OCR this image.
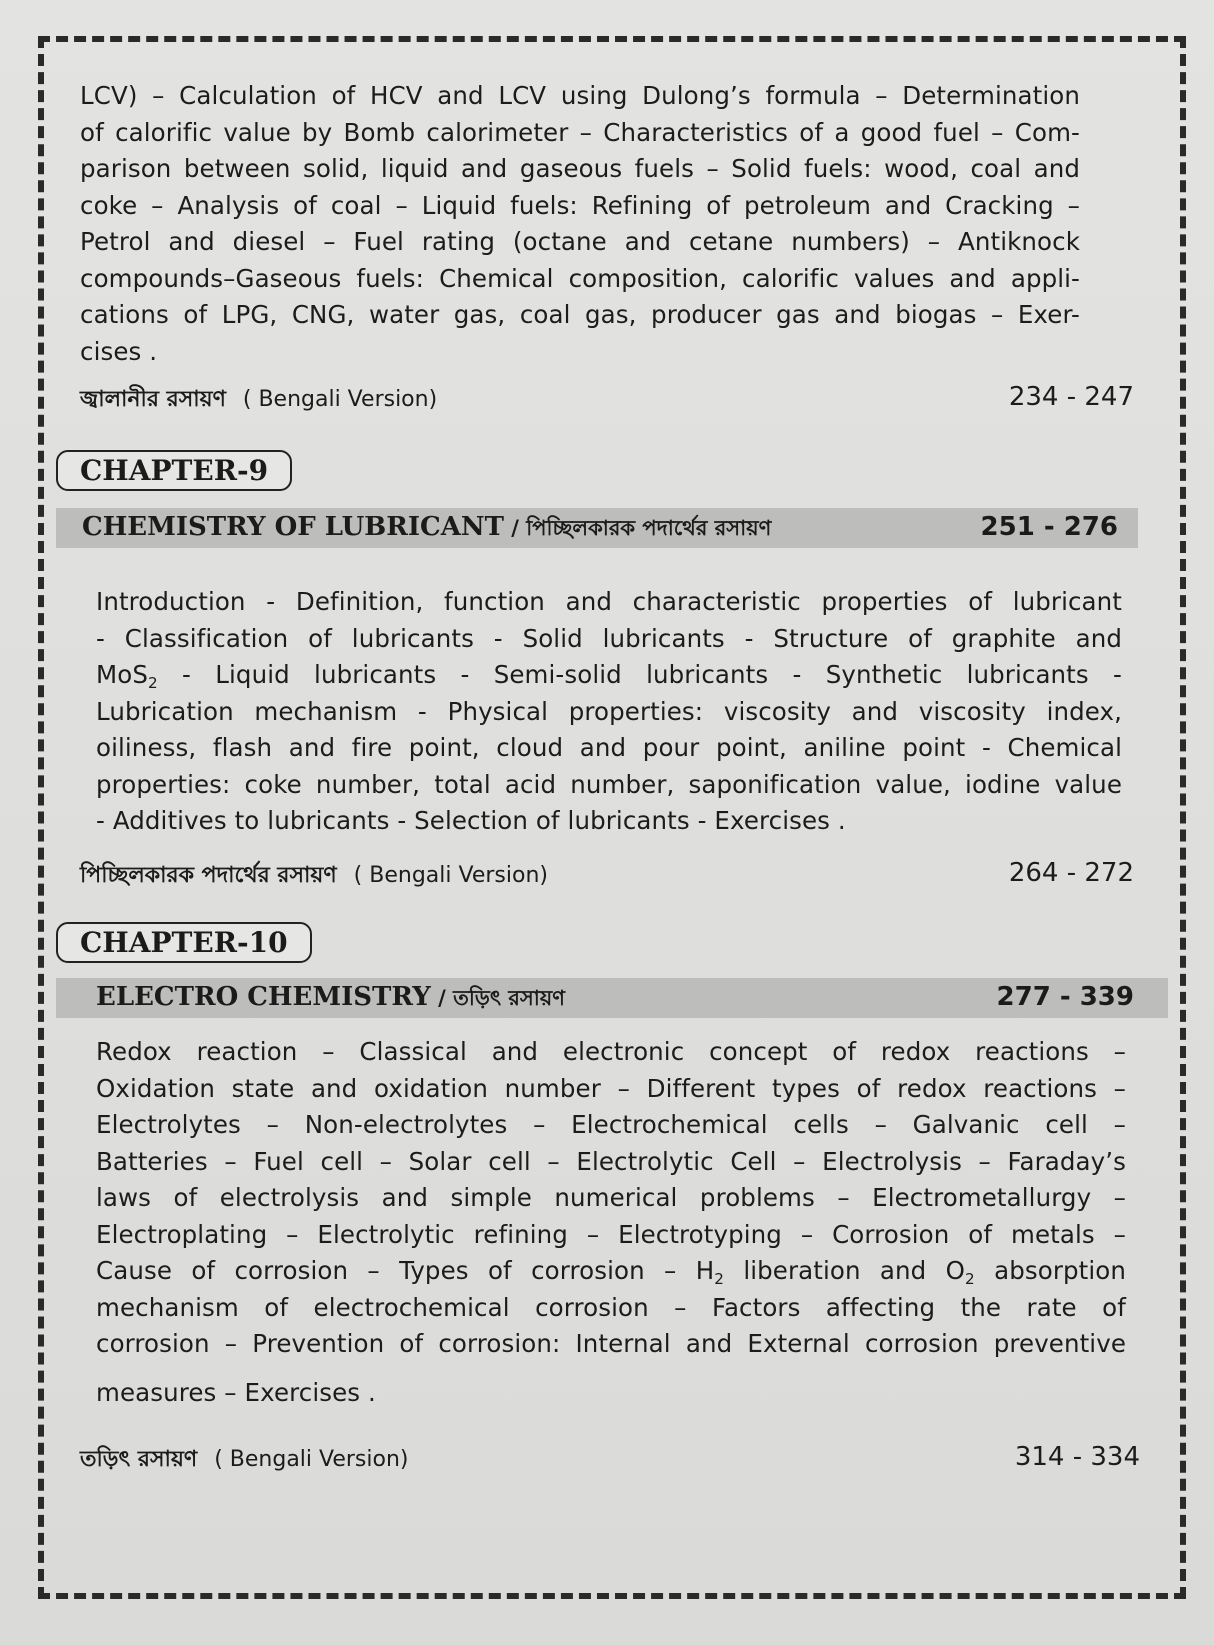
LCV) – Calculation of HCV and LCV using Dulong’s formula – Determination
of calorific value by Bomb calorimeter – Characteristics of a good fuel – Com-
parison between solid, liquid and gaseous fuels – Solid fuels: wood, coal and
coke – Analysis of coal – Liquid fuels: Refining of petroleum and Cracking –
Petrol and diesel – Fuel rating (octane and cetane numbers) – Antiknock
compounds–Gaseous fuels: Chemical composition, calorific values and appli-
cations of LPG, CNG, water gas, coal gas, producer gas and biogas – Exer-
cises .
জ্বালানীর রসায়ণ ( Bengali Version)	234 - 247
CHAPTER-9
CHEMISTRY OF LUBRICANT / পিচ্ছিলকারক পদার্থের রসায়ণ	251 - 276
Introduction - Definition, function and characteristic properties of lubricant
- Classification of lubricants - Solid lubricants - Structure of graphite and
MoS$_2$ - Liquid lubricants - Semi-solid lubricants - Synthetic lubricants -
Lubrication mechanism - Physical properties: viscosity and viscosity index,
oiliness, flash and fire point, cloud and pour point, aniline point - Chemical
properties: coke number, total acid number, saponification value, iodine value
- Additives to lubricants - Selection of lubricants - Exercises .
পিচ্ছিলকারক পদার্থের রসায়ণ ( Bengali Version)	264 - 272
CHAPTER-10
ELECTRO CHEMISTRY / তড়িৎ রসায়ণ	277 - 339
Redox reaction – Classical and electronic concept of redox reactions –
Oxidation state and oxidation number – Different types of redox reactions –
Electrolytes – Non-electrolytes – Electrochemical cells – Galvanic cell –
Batteries – Fuel cell – Solar cell – Electrolytic Cell – Electrolysis – Faraday’s
laws of electrolysis and simple numerical problems – Electrometallurgy –
Electroplating – Electrolytic refining – Electrotyping – Corrosion of metals –
Cause of corrosion – Types of corrosion – $H_2$ liberation and $O_2$ absorption
mechanism of electrochemical corrosion – Factors affecting the rate of
corrosion – Prevention of corrosion: Internal and External corrosion preventive
measures – Exercises .
তড়িৎ রসায়ণ ( Bengali Version)	314 - 334
